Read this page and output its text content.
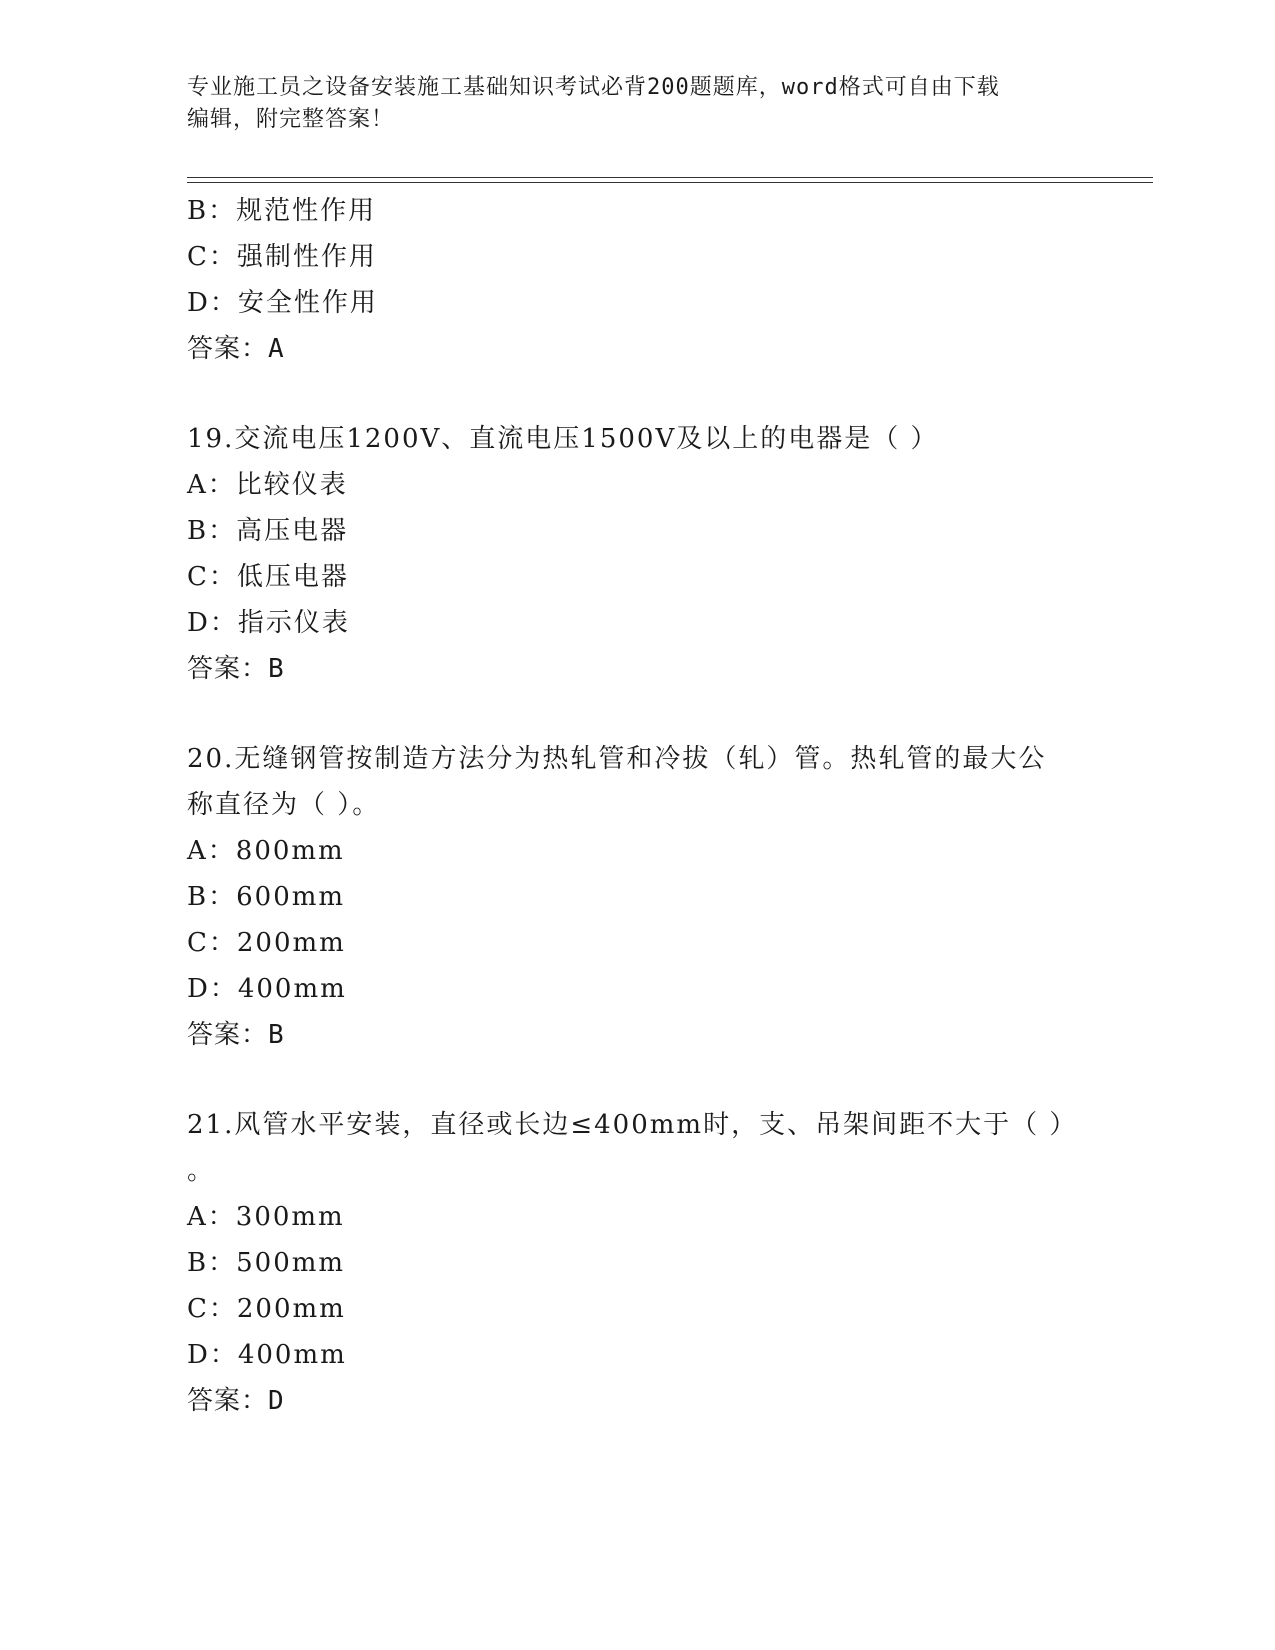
专业施工员之设备安装施工基础知识考试必背200题题库，word格式可自由下载
编辑，附完整答案！
B：规范性作用
C：强制性作用
D：安全性作用
答案：A
19.交流电压1200V、直流电压1500V及以上的电器是（ ）
A：比较仪表
B：高压电器
C：低压电器
D：指示仪表
答案：B
20.无缝钢管按制造方法分为热轧管和冷拔（轧）管。热轧管的最大公
称直径为（ ）。
A：800mm
B：600mm
C：200mm
D：400mm
答案：B
21.风管水平安装，直径或长边≤400mm时，支、吊架间距不大于（ ）
。
A：300mm
B：500mm
C：200mm
D：400mm
答案：D
